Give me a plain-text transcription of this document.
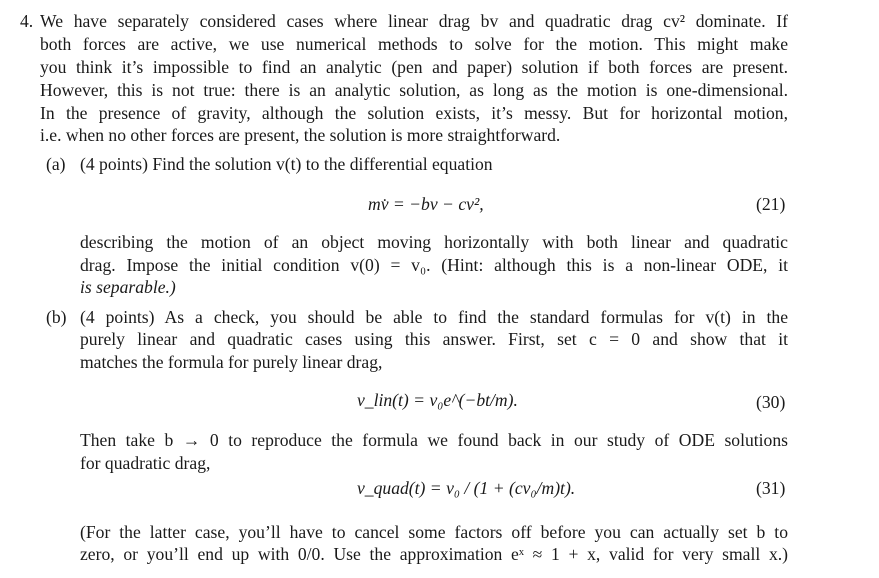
4. We have separately considered cases where linear drag bv and quadratic drag cv² dominate. If
both forces are active, we use numerical methods to solve for the motion. This might make
you think it’s impossible to find an analytic (pen and paper) solution if both forces are present.
However, this is not true: there is an analytic solution, as long as the motion is one-dimensional.
In the presence of gravity, although the solution exists, it’s messy. But for horizontal motion,
i.e. when no other forces are present, the solution is more straightforward.
(a) (4 points) Find the solution v(t) to the differential equation
mv̇ = −bv − cv²,	(21)
describing the motion of an object moving horizontally with both linear and quadratic
drag. Impose the initial condition v(0) = v₀. (Hint: although this is a non-linear ODE, it
is separable.)
(b) (4 points) As a check, you should be able to find the standard formulas for v(t) in the
purely linear and quadratic cases using this answer. First, set c = 0 and show that it
matches the formula for purely linear drag,
v_lin(t) = v₀e^(−bt/m).	(30)
Then take b → 0 to reproduce the formula we found back in our study of ODE solutions
for quadratic drag,
v_quad(t) = v₀ / (1 + (cv₀/m)t).	(31)
(For the latter case, you’ll have to cancel some factors off before you can actually set b to
zero, or you’ll end up with 0/0. Use the approximation eˣ ≈ 1 + x, valid for very small x.)
